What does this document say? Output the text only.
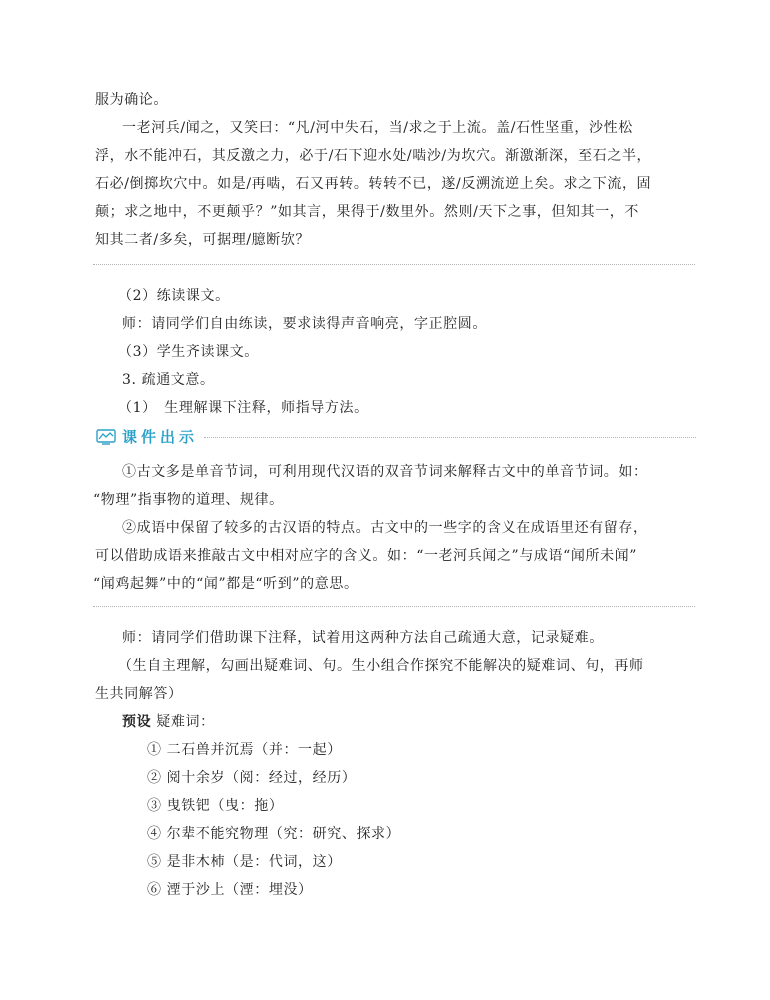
服为确论。
一老河兵/闻之，又笑曰：“凡/河中失石，当/求之于上流。盖/石性坚重，沙性松
浮，水不能冲石，其反激之力，必于/石下迎水处/啮沙/为坎穴。渐激渐深，至石之半，
石必/倒掷坎穴中。如是/再啮，石又再转。转转不已，遂/反溯流逆上矣。求之下流，固
颠；求之地中，不更颠乎？”如其言，果得于/数里外。然则/天下之事，但知其一，不
知其二者/多矣，可据理/臆断欤？
（2）练读课文。
师：请同学们自由练读，要求读得声音响亮，字正腔圆。
（3）学生齐读课文。
3. 疏通文意。
（1）　生理解课下注释，师指导方法。
课件出示
①古文多是单音节词，可利用现代汉语的双音节词来解释古文中的单音节词。如：
“物理”指事物的道理、规律。
②成语中保留了较多的古汉语的特点。古文中的一些字的含义在成语里还有留存，
可以借助成语来推敲古文中相对应字的含义。如：“一老河兵闻之”与成语“闻所未闻”
“闻鸡起舞”中的“闻”都是“听到”的意思。
师：请同学们借助课下注释，试着用这两种方法自己疏通大意，记录疑难。
（生自主理解，勾画出疑难词、句。生小组合作探究不能解决的疑难词、句，再师
生共同解答）
预设 疑难词：
① 二石兽并沉焉（并：一起）
② 阅十余岁（阅：经过，经历）
③ 曳铁钯（曳：拖）
④ 尔辈不能究物理（究：研究、探求）
⑤ 是非木杮（是：代词，这）
⑥ 湮于沙上（湮：埋没）
